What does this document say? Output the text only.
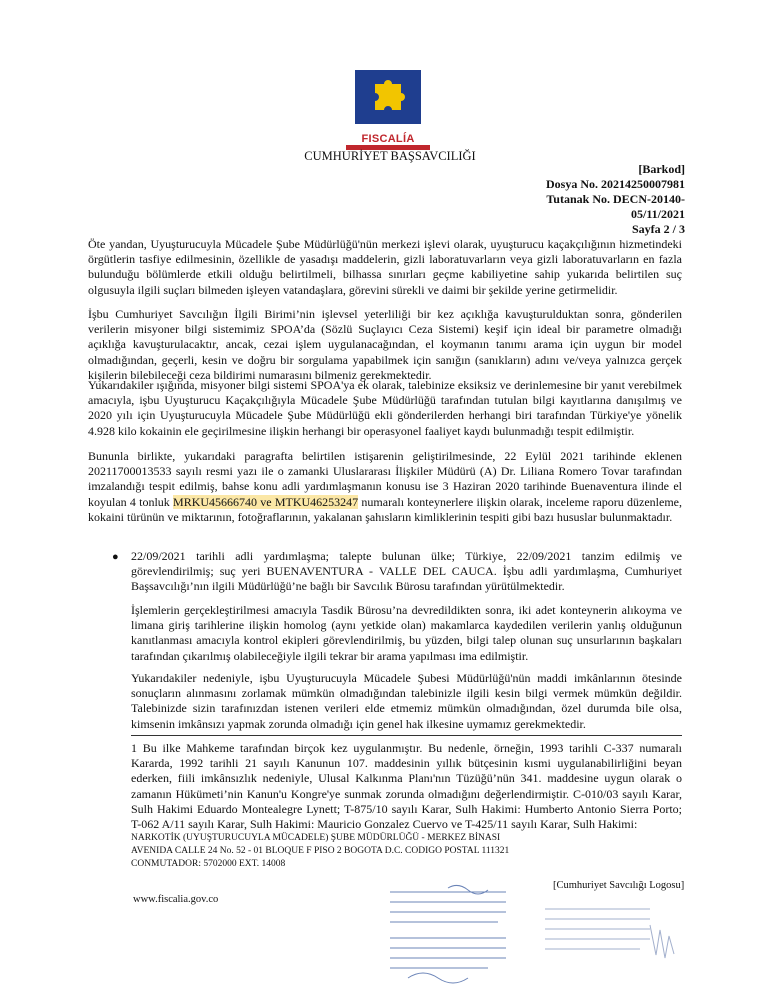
FISCALÍA
CUMHURİYET BAŞSAVCILIĞI
[Barkod]
Dosya No. 20214250007981
Tutanak No. DECN-20140-
05/11/2021
Sayfa 2 / 3

Öte yandan, Uyuşturucuyla Mücadele Şube Müdürlüğü'nün merkezi işlevi olarak, uyuşturucu kaçakçılığının hizmetindeki örgütlerin tasfiye edilmesinin, özellikle de yasadışı maddelerin, gizli laboratuvarların veya gizli laboratuvarların en fazla bulunduğu bölümlerde etkili olduğu belirtilmeli, bilhassa sınırları geçme kabiliyetine sahip yukarıda belirtilen suç olgusuyla ilgili suçları bilmeden işleyen vatandaşlara, görevini sürekli ve daimi bir şekilde yerine getirmelidir.

İşbu Cumhuriyet Savcılığın İlgili Birimi’nin işlevsel yeterliliği bir kez açıklığa kavuşturulduktan sonra, gönderilen verilerin misyoner bilgi sistemimiz SPOA’da (Sözlü Suçlayıcı Ceza Sistemi) keşif için ideal bir parametre olmadığı açıklığa kavuşturulacaktır, ancak, cezai işlem uygulanacağından, el koymanın tanımı arama için uygun bir model olmadığından, geçerli, kesin ve doğru bir sorgulama yapabilmek için sanığın (sanıkların) adını ve/veya yalnızca gerçek kişilerin bilebileceği ceza bildirimi numarasını bilmeniz gerekmektedir.

Yukarıdakiler ışığında, misyoner bilgi sistemi SPOA'ya ek olarak, talebinize eksiksiz ve derinlemesine bir yanıt verebilmek amacıyla, işbu Uyuşturucu Kaçakçılığıyla Mücadele Şube Müdürlüğü tarafından tutulan bilgi kayıtlarına danışılmış ve 2020 yılı için Uyuşturucuyla Mücadele Şube Müdürlüğü ekli gönderilerden herhangi biri tarafından Türkiye'ye yönelik 4.928 kilo kokainin ele geçirilmesine ilişkin herhangi bir operasyonel faaliyet kaydı bulunmadığı tespit edilmiştir.

Bununla birlikte, yukarıdaki paragrafta belirtilen istişarenin geliştirilmesinde, 22 Eylül 2021 tarihinde eklenen 20211700013533 sayılı resmi yazı ile o zamanki Uluslararası İlişkiler Müdürü (A) Dr. Liliana Romero Tovar tarafından imzalandığı tespit edilmiş, bahse konu adli yardımlaşmanın konusu ise 3 Haziran 2020 tarihinde Buenaventura ilinde el koyulan 4 tonluk MRKU45666740 ve MTKU46253247 numaralı konteynerlere ilişkin olarak, inceleme raporu düzenleme, kokaini türünün ve miktarının, fotoğraflarının, yakalanan şahısların kimliklerinin tespiti gibi bazı hususlar bulunmaktadır.

● 22/09/2021 tarihli adli yardımlaşma; talepte bulunan ülke; Türkiye, 22/09/2021 tanzim edilmiş ve görevlendirilmiş; suç yeri BUENAVENTURA - VALLE DEL CAUCA. İşbu adli yardımlaşma, Cumhuriyet Başsavcılığı’nın ilgili Müdürlüğü’ne bağlı bir Savcılık Bürosu tarafından yürütülmektedir.

İşlemlerin gerçekleştirilmesi amacıyla Tasdik Bürosu’na devredildikten sonra, iki adet konteynerin alıkoyma ve limana giriş tarihlerine ilişkin homolog (aynı yetkide olan) makamlarca kaydedilen verilerin yanlış olduğunun kanıtlanması amacıyla kontrol ekipleri görevlendirilmiş, bu yüzden, bilgi talep olunan suç unsurlarının başkaları tarafından çıkarılmış olabileceğiyle ilgili tekrar bir arama yapılması ima edilmiştir.

Yukarıdakiler nedeniyle, işbu Uyuşturucuyla Mücadele Şubesi Müdürlüğü'nün maddi imkânlarının ötesinde sonuçların alınmasını zorlamak mümkün olmadığından talebinizle ilgili kesin bilgi vermek mümkün değildir. Talebinizde sizin tarafınızdan istenen verileri elde etmemiz mümkün olmadığından, özel durumda bile olsa, kimsenin imkânsızı yapmak zorunda olmadığı için genel hak ilkesine uymamız gerekmektedir.

1 Bu ilke Mahkeme tarafından birçok kez uygulanmıştır. Bu nedenle, örneğin, 1993 tarihli C-337 numaralı Kararda, 1992 tarihli 21 sayılı Kanunun 107. maddesinin yıllık bütçesinin kısmi uygulanabilirliğini beyan ederken, fiili imkânsızlık nedeniyle, Ulusal Kalkınma Planı'nın Tüzüğü’nün 341. maddesine uygun olarak o zamanın Hükümeti’nin Kanun'u Kongre'ye sunmak zorunda olmadığını değerlendirmiştir. C-010/03 sayılı Karar, Sulh Hakimi Eduardo Montealegre Lynett; T-875/10 sayılı Karar, Sulh Hakimi: Humberto Antonio Sierra Porto; T-062 A/11 sayılı Karar, Sulh Hakimi: Mauricio Gonzalez Cuervo ve T-425/11 sayılı Karar, Sulh Hakimi:

NARKOTİK (UYUŞTURUCUYLA MÜCADELE) ŞUBE MÜDÜRLÜĞÜ - MERKEZ BİNASI
AVENIDA CALLE 24 No. 52 - 01 BLOQUE F PISO 2 BOGOTA D.C. CODIGO POSTAL 111321
CONMUTADOR: 5702000 EXT. 14008
www.fiscalia.gov.co
[Cumhuriyet Savcılığı Logosu]
